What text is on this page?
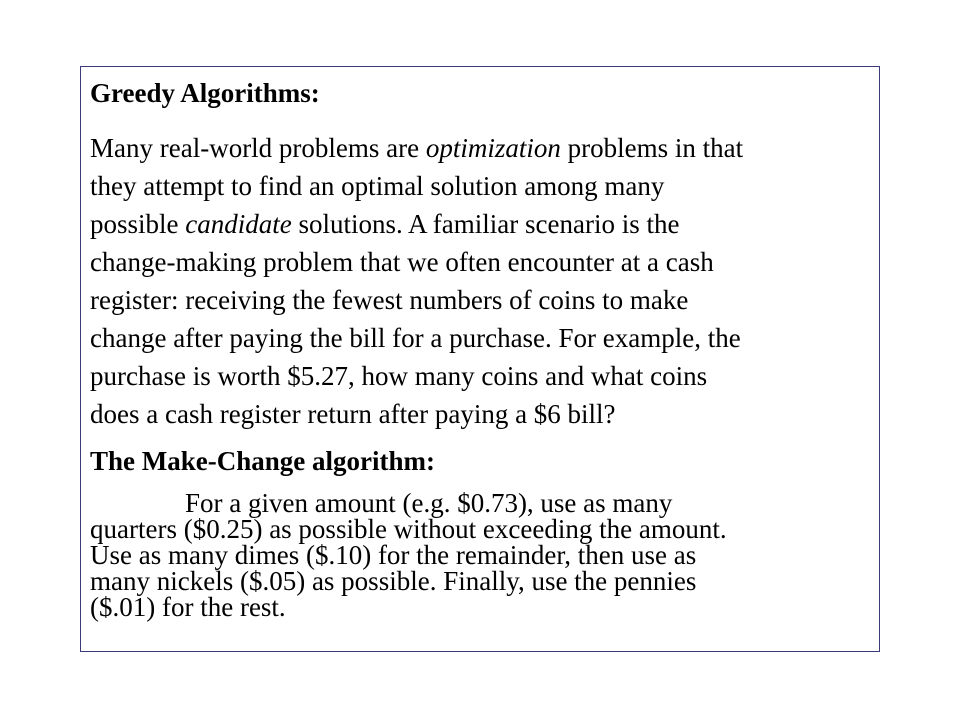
Greedy Algorithms:
Many real-world problems are optimization problems in that
they attempt to find an optimal solution among many
possible candidate solutions. A familiar scenario is the
change-making problem that we often encounter at a cash
register: receiving the fewest numbers of coins to make
change after paying the bill for a purchase. For example, the
purchase is worth $5.27, how many coins and what coins
does a cash register return after paying a $6 bill?
The Make-Change algorithm:
For a given amount (e.g. $0.73), use as many
quarters ($0.25) as possible without exceeding the amount.
Use as many dimes ($.10) for the remainder, then use as
many nickels ($.05) as possible. Finally, use the pennies
($.01) for the rest.
